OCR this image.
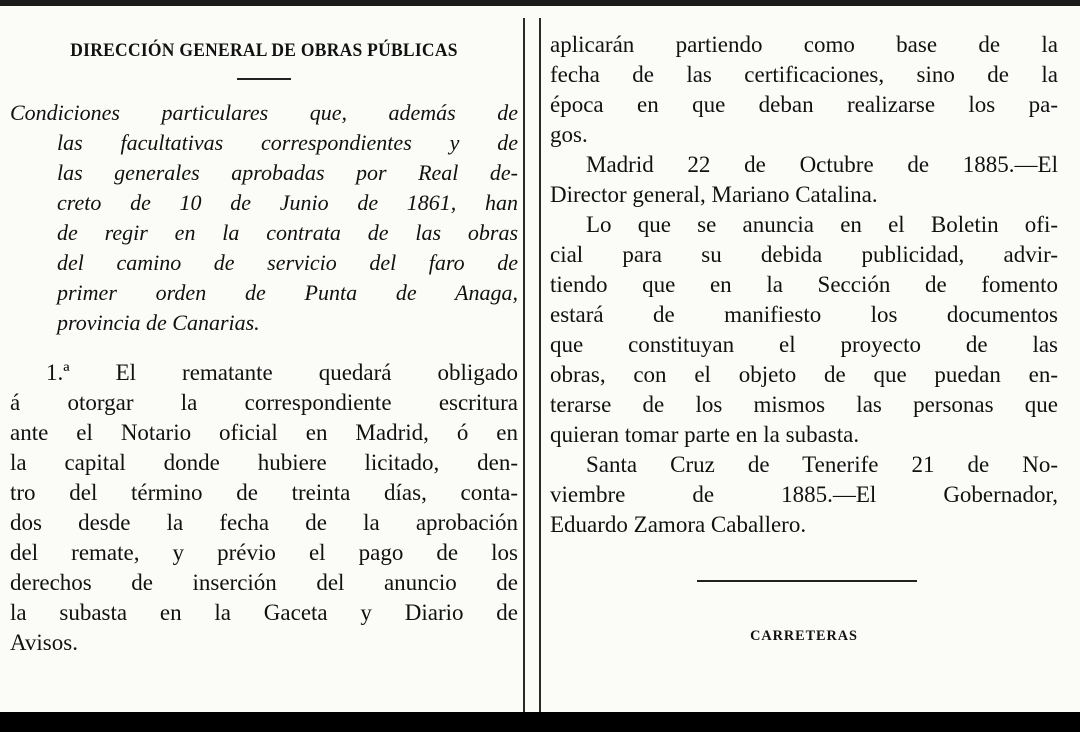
DIRECCIÓN GENERAL DE OBRAS PÚBLICAS
Condiciones particulares que, además de
las facultativas correspondientes y de
las generales aprobadas por Real de-
creto de 10 de Junio de 1861, han
de regir en la contrata de las obras
del camino de servicio del faro de
primer orden de Punta de Anaga,
provincia de Canarias.
1.ª El rematante quedará obligado
á otorgar la correspondiente escritura
ante el Notario oficial en Madrid, ó en
la capital donde hubiere licitado, den-
tro del término de treinta días, conta-
dos desde la fecha de la aprobación
del remate, y prévio el pago de los
derechos de inserción del anuncio de
la subasta en la Gaceta y Diario de
Avisos.
aplicarán partiendo como base de la
fecha de las certificaciones, sino de la
época en que deban realizarse los pa-
gos.
Madrid 22 de Octubre de 1885.—El
Director general, Mariano Catalina.
Lo que se anuncia en el Boletin ofi-
cial para su debida publicidad, advir-
tiendo que en la Sección de fomento
estará de manifiesto los documentos
que constituyan el proyecto de las
obras, con el objeto de que puedan en-
terarse de los mismos las personas que
quieran tomar parte en la subasta.
Santa Cruz de Tenerife 21 de No-
viembre de 1885.—El Gobernador,
Eduardo Zamora Caballero.
CARRETERAS
